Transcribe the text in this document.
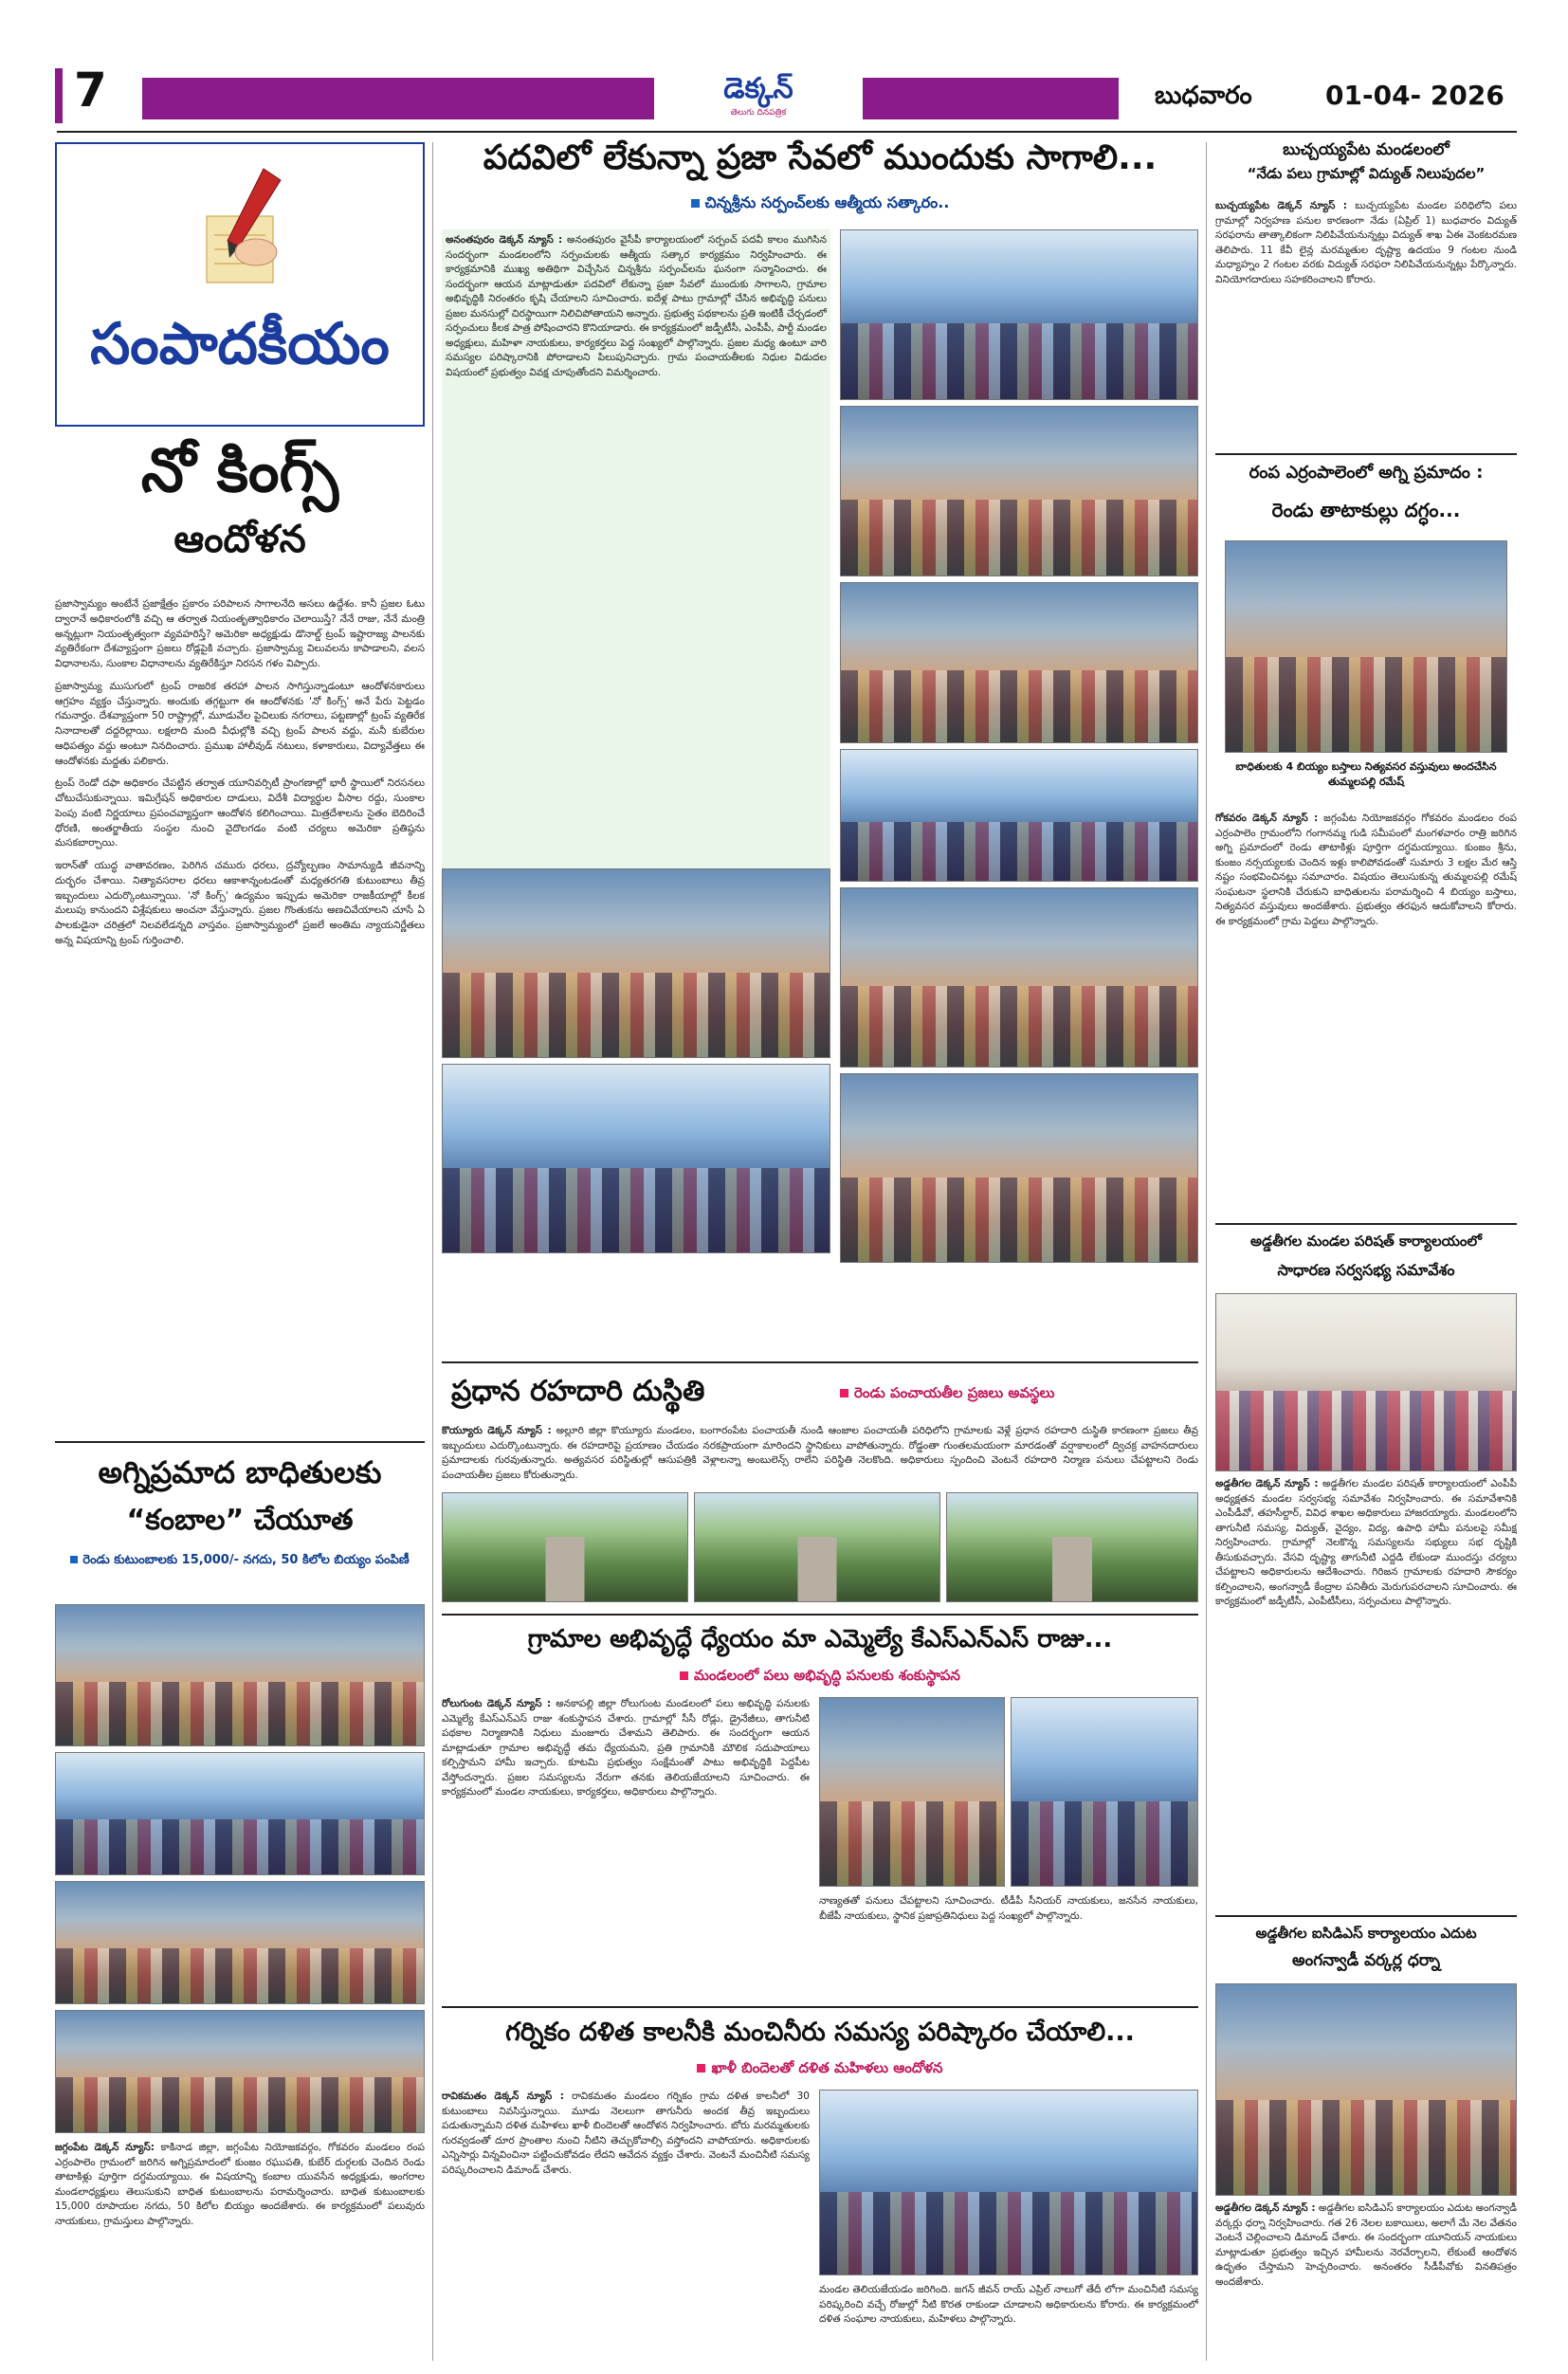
7	డెక్కన్
తెలుగు దినపత్రిక
బుధవారం	01-04- 2026
సంపాదకీయం
నో కింగ్స్
ఆందోళన

ప్రజాస్వామ్యం అంటేనే ప్రజాక్షేత్రం ప్రకారం పరిపాలన సాగాలనేది అసలు ఉద్దేశం. కానీ ప్రజల ఓటు ద్వారానే అధికారంలోకి వచ్చి ఆ తర్వాత నియంతృత్వాధికారం చెలాయిస్తే? నేనే రాజు, నేనే మంత్రి అన్నట్లుగా నియంతృత్వంగా వ్యవహరిస్తే? అమెరికా అధ్యక్షుడు డొనాల్డ్ ట్రంప్ ఇష్టారాజ్య పాలనకు వ్యతిరేకంగా దేశవ్యాప్తంగా ప్రజలు రోడ్లపైకి వచ్చారు. ప్రజాస్వామ్య విలువలను కాపాడాలని, వలస విధానాలను, సుంకాల విధానాలను వ్యతిరేకిస్తూ నిరసన గళం విప్పారు.

ప్రజాస్వామ్య ముసుగులో ట్రంప్ రాజరిక తరహా పాలన సాగిస్తున్నాడంటూ ఆందోళనకారులు ఆగ్రహం వ్యక్తం చేస్తున్నారు. అందుకు తగ్గట్టుగా ఈ ఆందోళనకు 'నో కింగ్స్' అనే పేరు పెట్టడం గమనార్హం. దేశవ్యాప్తంగా 50 రాష్ట్రాల్లో, మూడువేల పైచిలుకు నగరాలు, పట్టణాల్లో ట్రంప్ వ్యతిరేక నినాదాలతో దద్దరిల్లాయి. లక్షలాది మంది వీధుల్లోకి వచ్చి ట్రంప్ పాలన వద్దు, మనీ కుబేరుల ఆధిపత్యం వద్దు అంటూ నినదించారు. ప్రముఖ హాలీవుడ్ నటులు, కళాకారులు, విద్యావేత్తలు ఈ ఆందోళనకు మద్దతు పలికారు.

ట్రంప్ రెండో దఫా అధికారం చేపట్టిన తర్వాత యూనివర్సిటీ ప్రాంగణాల్లో భారీ స్థాయిలో నిరసనలు చోటుచేసుకున్నాయి. ఇమిగ్రేషన్ అధికారుల దాడులు, విదేశీ విద్యార్థుల వీసాల రద్దు, సుంకాల పెంపు వంటి నిర్ణయాలు ప్రపంచవ్యాప్తంగా ఆందోళన కలిగించాయి. మిత్రదేశాలను సైతం బెదిరించే ధోరణి, అంతర్జాతీయ సంస్థల నుంచి వైదొలగడం వంటి చర్యలు అమెరికా ప్రతిష్ఠను మసకబార్చాయి.

ఇరాన్‌తో యుద్ధ వాతావరణం, పెరిగిన చమురు ధరలు, ద్రవ్యోల్బణం సామాన్యుడి జీవనాన్ని దుర్భరం చేశాయి. నిత్యావసరాల ధరలు ఆకాశాన్నంటడంతో మధ్యతరగతి కుటుంబాలు తీవ్ర ఇబ్బందులు ఎదుర్కొంటున్నాయి. 'నో కింగ్స్' ఉద్యమం ఇప్పుడు అమెరికా రాజకీయాల్లో కీలక మలుపు కానుందని విశ్లేషకులు అంచనా వేస్తున్నారు. ప్రజల గొంతుకను అణచివేయాలని చూసే ఏ పాలకుడైనా చరిత్రలో నిలవలేడన్నది వాస్తవం. ప్రజాస్వామ్యంలో ప్రజలే అంతిమ న్యాయనిర్ణేతలు అన్న విషయాన్ని ట్రంప్ గుర్తించాలి.

అగ్నిప్రమాద బాధితులకు
“కంబాల” చేయూత
రెండు కుటుంబాలకు 15,000/- నగదు, 50 కిలోల బియ్యం పంపిణీ
జగ్గంపేట డెక్కన్ న్యూస్: కాకినాడ జిల్లా, జగ్గంపేట నియోజకవర్గం, గోకవరం మండలం రంప ఎర్రంపాలెం గ్రామంలో జరిగిన అగ్నిప్రమాదంలో కుంజం రఘుపతి, కుబేర్ దుర్గలకు చెందిన రెండు తాటాకిళ్లు పూర్తిగా దగ్ధమయ్యాయి. ఈ విషయాన్ని కంబాల యువసేన అధ్యక్షుడు, అంగరాల మండలాధ్యక్షులు తెలుసుకుని బాధిత కుటుంబాలను పరామర్శించారు. బాధిత కుటుంబాలకు 15,000 రూపాయల నగదు, 50 కిలోల బియ్యం అందజేశారు. ఈ కార్యక్రమంలో పలువురు నాయకులు, గ్రామస్తులు పాల్గొన్నారు.
పదవిలో లేకున్నా ప్రజా సేవలో ముందుకు సాగాలి...
చిన్నశ్రీను సర్పంచ్‌లకు ఆత్మీయ సత్కారం..
అనంతపురం డెక్కన్ న్యూస్ : అనంతపురం వైసీపీ కార్యాలయంలో సర్పంచ్ పదవీ కాలం ముగిసిన సందర్భంగా మండలంలోని సర్పంచులకు ఆత్మీయ సత్కార కార్యక్రమం నిర్వహించారు. ఈ కార్యక్రమానికి ముఖ్య అతిథిగా విచ్చేసిన చిన్నశ్రీను సర్పంచ్‌లను ఘనంగా సన్మానించారు. ఈ సందర్భంగా ఆయన మాట్లాడుతూ పదవిలో లేకున్నా ప్రజా సేవలో ముందుకు సాగాలని, గ్రామాల అభివృద్ధికి నిరంతరం కృషి చేయాలని సూచించారు. ఐదేళ్ల పాటు గ్రామాల్లో చేసిన అభివృద్ధి పనులు ప్రజల మనసుల్లో చిరస్థాయిగా నిలిచిపోతాయని అన్నారు. ప్రభుత్వ పథకాలను ప్రతి ఇంటికీ చేర్చడంలో సర్పంచులు కీలక పాత్ర పోషించారని కొనియాడారు. ఈ కార్యక్రమంలో జడ్పీటీసీ, ఎంపీపీ, పార్టీ మండల అధ్యక్షులు, మహిళా నాయకులు, కార్యకర్తలు పెద్ద సంఖ్యలో పాల్గొన్నారు. ప్రజల మధ్య ఉంటూ వారి సమస్యల పరిష్కారానికి పోరాడాలని పిలుపునిచ్చారు. గ్రామ పంచాయతీలకు నిధుల విడుదల విషయంలో ప్రభుత్వం వివక్ష చూపుతోందని విమర్శించారు.
ప్రధాన రహదారి దుస్థితి	రెండు పంచాయతీల ప్రజలు అవస్థలు
కొయ్యూరు డెక్కన్ న్యూస్ : అల్లూరి జిల్లా కొయ్యూరు మండలం, బంగారంపేట పంచాయతీ నుండి ఆంజాల పంచాయతీ పరిధిలోని గ్రామాలకు వెళ్లే ప్రధాన రహదారి దుస్థితి కారణంగా ప్రజలు తీవ్ర ఇబ్బందులు ఎదుర్కొంటున్నారు. ఈ రహదారిపై ప్రయాణం చేయడం నరకప్రాయంగా మారిందని స్థానికులు వాపోతున్నారు. రోడ్డంతా గుంతలమయంగా మారడంతో వర్షాకాలంలో ద్విచక్ర వాహనదారులు ప్రమాదాలకు గురవుతున్నారు. అత్యవసర పరిస్థితుల్లో ఆసుపత్రికి వెళ్లాలన్నా అంబులెన్స్ రాలేని పరిస్థితి నెలకొంది. అధికారులు స్పందించి వెంటనే రహదారి నిర్మాణ పనులు చేపట్టాలని రెండు పంచాయతీల ప్రజలు కోరుతున్నారు.
గ్రామాల అభివృద్ధే ధ్యేయం మా ఎమ్మెల్యే కేఎస్ఎన్ఎస్ రాజు...
మండలంలో పలు అభివృద్ధి పనులకు శంకుస్థాపన
రోలుగుంట డెక్కన్ న్యూస్ : అనకాపల్లి జిల్లా రోలుగుంట మండలంలో పలు అభివృద్ధి పనులకు ఎమ్మెల్యే కేఎస్ఎన్ఎస్ రాజు శంకుస్థాపన చేశారు. గ్రామాల్లో సీసీ రోడ్లు, డ్రైనేజీలు, తాగునీటి పథకాల నిర్మాణానికి నిధులు మంజూరు చేశామని తెలిపారు. ఈ సందర్భంగా ఆయన మాట్లాడుతూ గ్రామాల అభివృద్ధే తమ ధ్యేయమని, ప్రతి గ్రామానికి మౌలిక సదుపాయాలు కల్పిస్తామని హామీ ఇచ్చారు. కూటమి ప్రభుత్వం సంక్షేమంతో పాటు అభివృద్ధికి పెద్దపీట వేస్తోందన్నారు. ప్రజల సమస్యలను నేరుగా తనకు తెలియజేయాలని సూచించారు. ఈ కార్యక్రమంలో మండల నాయకులు, కార్యకర్తలు, అధికారులు పాల్గొన్నారు.
నాణ్యతతో పనులు చేపట్టాలని సూచించారు. టీడీపీ సీనియర్ నాయకులు, జనసేన నాయకులు, బీజేపీ నాయకులు, స్థానిక ప్రజాప్రతినిధులు పెద్ద సంఖ్యలో పాల్గొన్నారు.
గర్నికం దళిత కాలనీకి మంచినీరు సమస్య పరిష్కారం చేయాలి...
ఖాళీ బిందెలతో దళిత మహిళలు ఆందోళన
రావికమతం డెక్కన్ న్యూస్ : రావికమతం మండలం గర్నికం గ్రామ దళిత కాలనీలో 30 కుటుంబాలు నివసిస్తున్నాయి. మూడు నెలలుగా తాగునీరు అందక తీవ్ర ఇబ్బందులు పడుతున్నామని దళిత మహిళలు ఖాళీ బిందెలతో ఆందోళన నిర్వహించారు. బోరు మరమ్మతులకు గురవ్వడంతో దూర ప్రాంతాల నుంచి నీటిని తెచ్చుకోవాల్సి వస్తోందని వాపోయారు. అధికారులకు ఎన్నిసార్లు విన్నవించినా పట్టించుకోవడం లేదని ఆవేదన వ్యక్తం చేశారు. వెంటనే మంచినీటి సమస్య పరిష్కరించాలని డిమాండ్ చేశారు.
మండల తెలియజేయడం జరిగింది. జగన్ జీవన్ రాయ్ ఎప్రిల్ నాలుగో తేదీ లోగా మంచినీటి సమస్య పరిష్కరించి వచ్చే రోజుల్లో నీటి కొరత రాకుండా చూడాలని అధికారులను కోరారు. ఈ కార్యక్రమంలో దళిత సంఘాల నాయకులు, మహిళలు పాల్గొన్నారు.
బుచ్చయ్యపేట మండలంలో
“నేడు పలు గ్రామాల్లో విద్యుత్ నిలుపుదల”
బుచ్చయ్యపేట డెక్కన్ న్యూస్ : బుచ్చయ్యపేట మండల పరిధిలోని పలు గ్రామాల్లో నిర్వహణ పనుల కారణంగా నేడు (ఏప్రిల్ 1) బుధవారం విద్యుత్ సరఫరాను తాత్కాలికంగా నిలిపివేయనున్నట్లు విద్యుత్ శాఖ ఏఈ వెంకటరమణ తెలిపారు. 11 కేవీ లైన్ల మరమ్మతుల దృష్ట్యా ఉదయం 9 గంటల నుండి మధ్యాహ్నం 2 గంటల వరకు విద్యుత్ సరఫరా నిలిపివేయనున్నట్లు పేర్కొన్నారు. వినియోగదారులు సహకరించాలని కోరారు.
రంప ఎర్రంపాలెంలో అగ్ని ప్రమాదం :
రెండు తాటాకుల్లు దగ్ధం...
బాధితులకు 4 బియ్యం బస్తాలు నిత్యవసర వస్తువులు అందచేసిన తుమ్మలపల్లి రమేష్
గోకవరం డెక్కన్ న్యూస్ : జగ్గంపేట నియోజకవర్గం గోకవరం మండలం రంప ఎర్రంపాలెం గ్రామంలోని గంగానమ్మ గుడి సమీపంలో మంగళవారం రాత్రి జరిగిన అగ్ని ప్రమాదంలో రెండు తాటాకిళ్లు పూర్తిగా దగ్ధమయ్యాయి. కుంజం శ్రీను, కుంజం నర్సయ్యలకు చెందిన ఇళ్లు కాలిపోవడంతో సుమారు 3 లక్షల మేర ఆస్తి నష్టం సంభవించినట్లు సమాచారం. విషయం తెలుసుకున్న తుమ్మలపల్లి రమేష్ సంఘటనా స్థలానికి చేరుకుని బాధితులను పరామర్శించి 4 బియ్యం బస్తాలు, నిత్యవసర వస్తువులు అందజేశారు. ప్రభుత్వం తరఫున ఆదుకోవాలని కోరారు. ఈ కార్యక్రమంలో గ్రామ పెద్దలు పాల్గొన్నారు.
అడ్డతీగల మండల పరిషత్ కార్యాలయంలో
సాధారణ సర్వసభ్య సమావేశం
అడ్డతీగల డెక్కన్ న్యూస్ : అడ్డతీగల మండల పరిషత్ కార్యాలయంలో ఎంపీపీ అధ్యక్షతన మండల సర్వసభ్య సమావేశం నిర్వహించారు. ఈ సమావేశానికి ఎంపీడీవో, తహసీల్దార్, వివిధ శాఖల అధికారులు హాజరయ్యారు. మండలంలోని తాగునీటి సమస్య, విద్యుత్, వైద్యం, విద్య, ఉపాధి హామీ పనులపై సమీక్ష నిర్వహించారు. గ్రామాల్లో నెలకొన్న సమస్యలను సభ్యులు సభ దృష్టికి తీసుకువచ్చారు. వేసవి దృష్ట్యా తాగునీటి ఎద్దడి లేకుండా ముందస్తు చర్యలు చేపట్టాలని అధికారులను ఆదేశించారు. గిరిజన గ్రామాలకు రహదారి సౌకర్యం కల్పించాలని, అంగన్వాడీ కేంద్రాల పనితీరు మెరుగుపరచాలని సూచించారు. ఈ కార్యక్రమంలో జడ్పీటీసీ, ఎంపీటీసీలు, సర్పంచులు పాల్గొన్నారు.
అడ్డతీగల ఐసిడిఎస్ కార్యాలయం ఎదుట
అంగన్వాడీ వర్కర్ల ధర్నా
అడ్డతీగల డెక్కన్ న్యూస్ : అడ్డతీగల ఐసిడిఎస్ కార్యాలయం ఎదుట అంగన్వాడీ వర్కర్లు ధర్నా నిర్వహించారు. గత 26 నెలల బకాయిలు, అలాగే మే నెల వేతనం వెంటనే చెల్లించాలని డిమాండ్ చేశారు. ఈ సందర్భంగా యూనియన్ నాయకులు మాట్లాడుతూ ప్రభుత్వం ఇచ్చిన హామీలను నెరవేర్చాలని, లేకుంటే ఆందోళన ఉధృతం చేస్తామని హెచ్చరించారు. అనంతరం సీడీపీవోకు వినతిపత్రం అందజేశారు.
